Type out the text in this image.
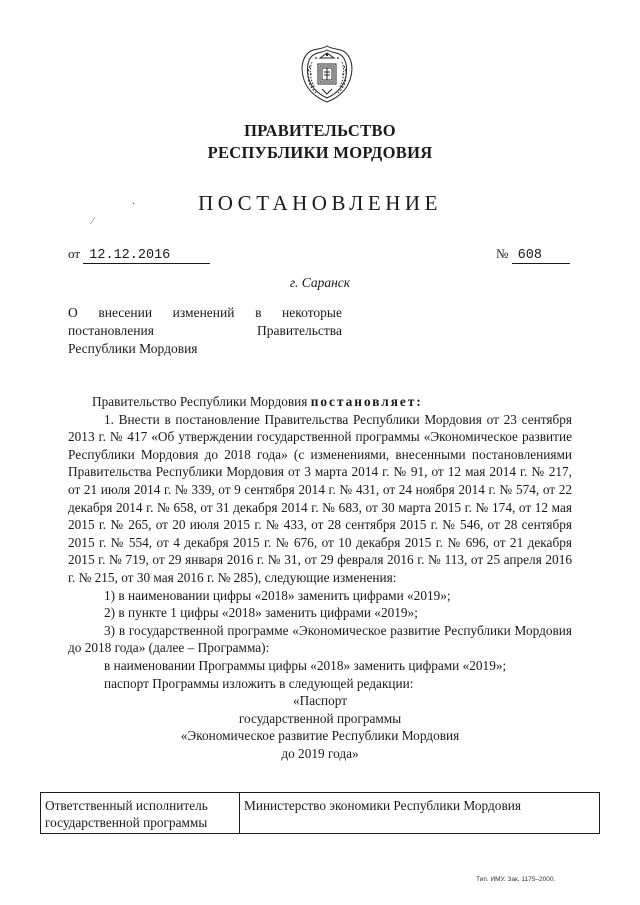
ПРАВИТЕЛЬСТВО
РЕСПУБЛИКИ МОРДОВИЯ
ПОСТАНОВЛЕНИЕ
·
⁄
от 12.12.2016	№ 608
г. Саранск
О внесении изменений в некоторые
постановления Правительства
Республики Мордовия

Правительство Республики Мордовия постановляет:

1. Внести в постановление Правительства Республики Мордовия от 23 сентября 2013 г. № 417 «Об утверждении государственной программы «Экономическое развитие Республики Мордовия до 2018 года» (с изменениями, внесенными постановлениями Правительства Республики Мордовия от 3 марта 2014 г. № 91, от 12 мая 2014 г. № 217, от 21 июля 2014 г. № 339, от 9 сентября 2014 г. № 431, от 24 ноября 2014 г. № 574, от 22 декабря 2014 г. № 658, от 31 декабря 2014 г. № 683, от 30 марта 2015 г. № 174, от 12 мая 2015 г. № 265, от 20 июля 2015 г. № 433, от 28 сентября 2015 г. № 546, от 28 сентября 2015 г. № 554, от 4 декабря 2015 г. № 676, от 10 декабря 2015 г. № 696, от 21 декабря 2015 г. № 719, от 29 января 2016 г. № 31, от 29 февраля 2016 г. № 113, от 25 апреля 2016 г. № 215, от 30 мая 2016 г. № 285), следующие изменения:

1) в наименовании цифры «2018» заменить цифрами «2019»;

2) в пункте 1 цифры «2018» заменить цифрами «2019»;

3) в государственной программе «Экономическое развитие Республики Мордовия до 2018 года» (далее – Программа):

в наименовании Программы цифры «2018» заменить цифрами «2019»;

паспорт Программы изложить в следующей редакции:

«Паспорт
государственной программы
«Экономическое развитие Республики Мордовия
до 2019 года»
Ответственный исполнитель государственной программы	Министерство экономики Республики Мордовия
Тип. ИМУ. Зак. 1175–2000.
